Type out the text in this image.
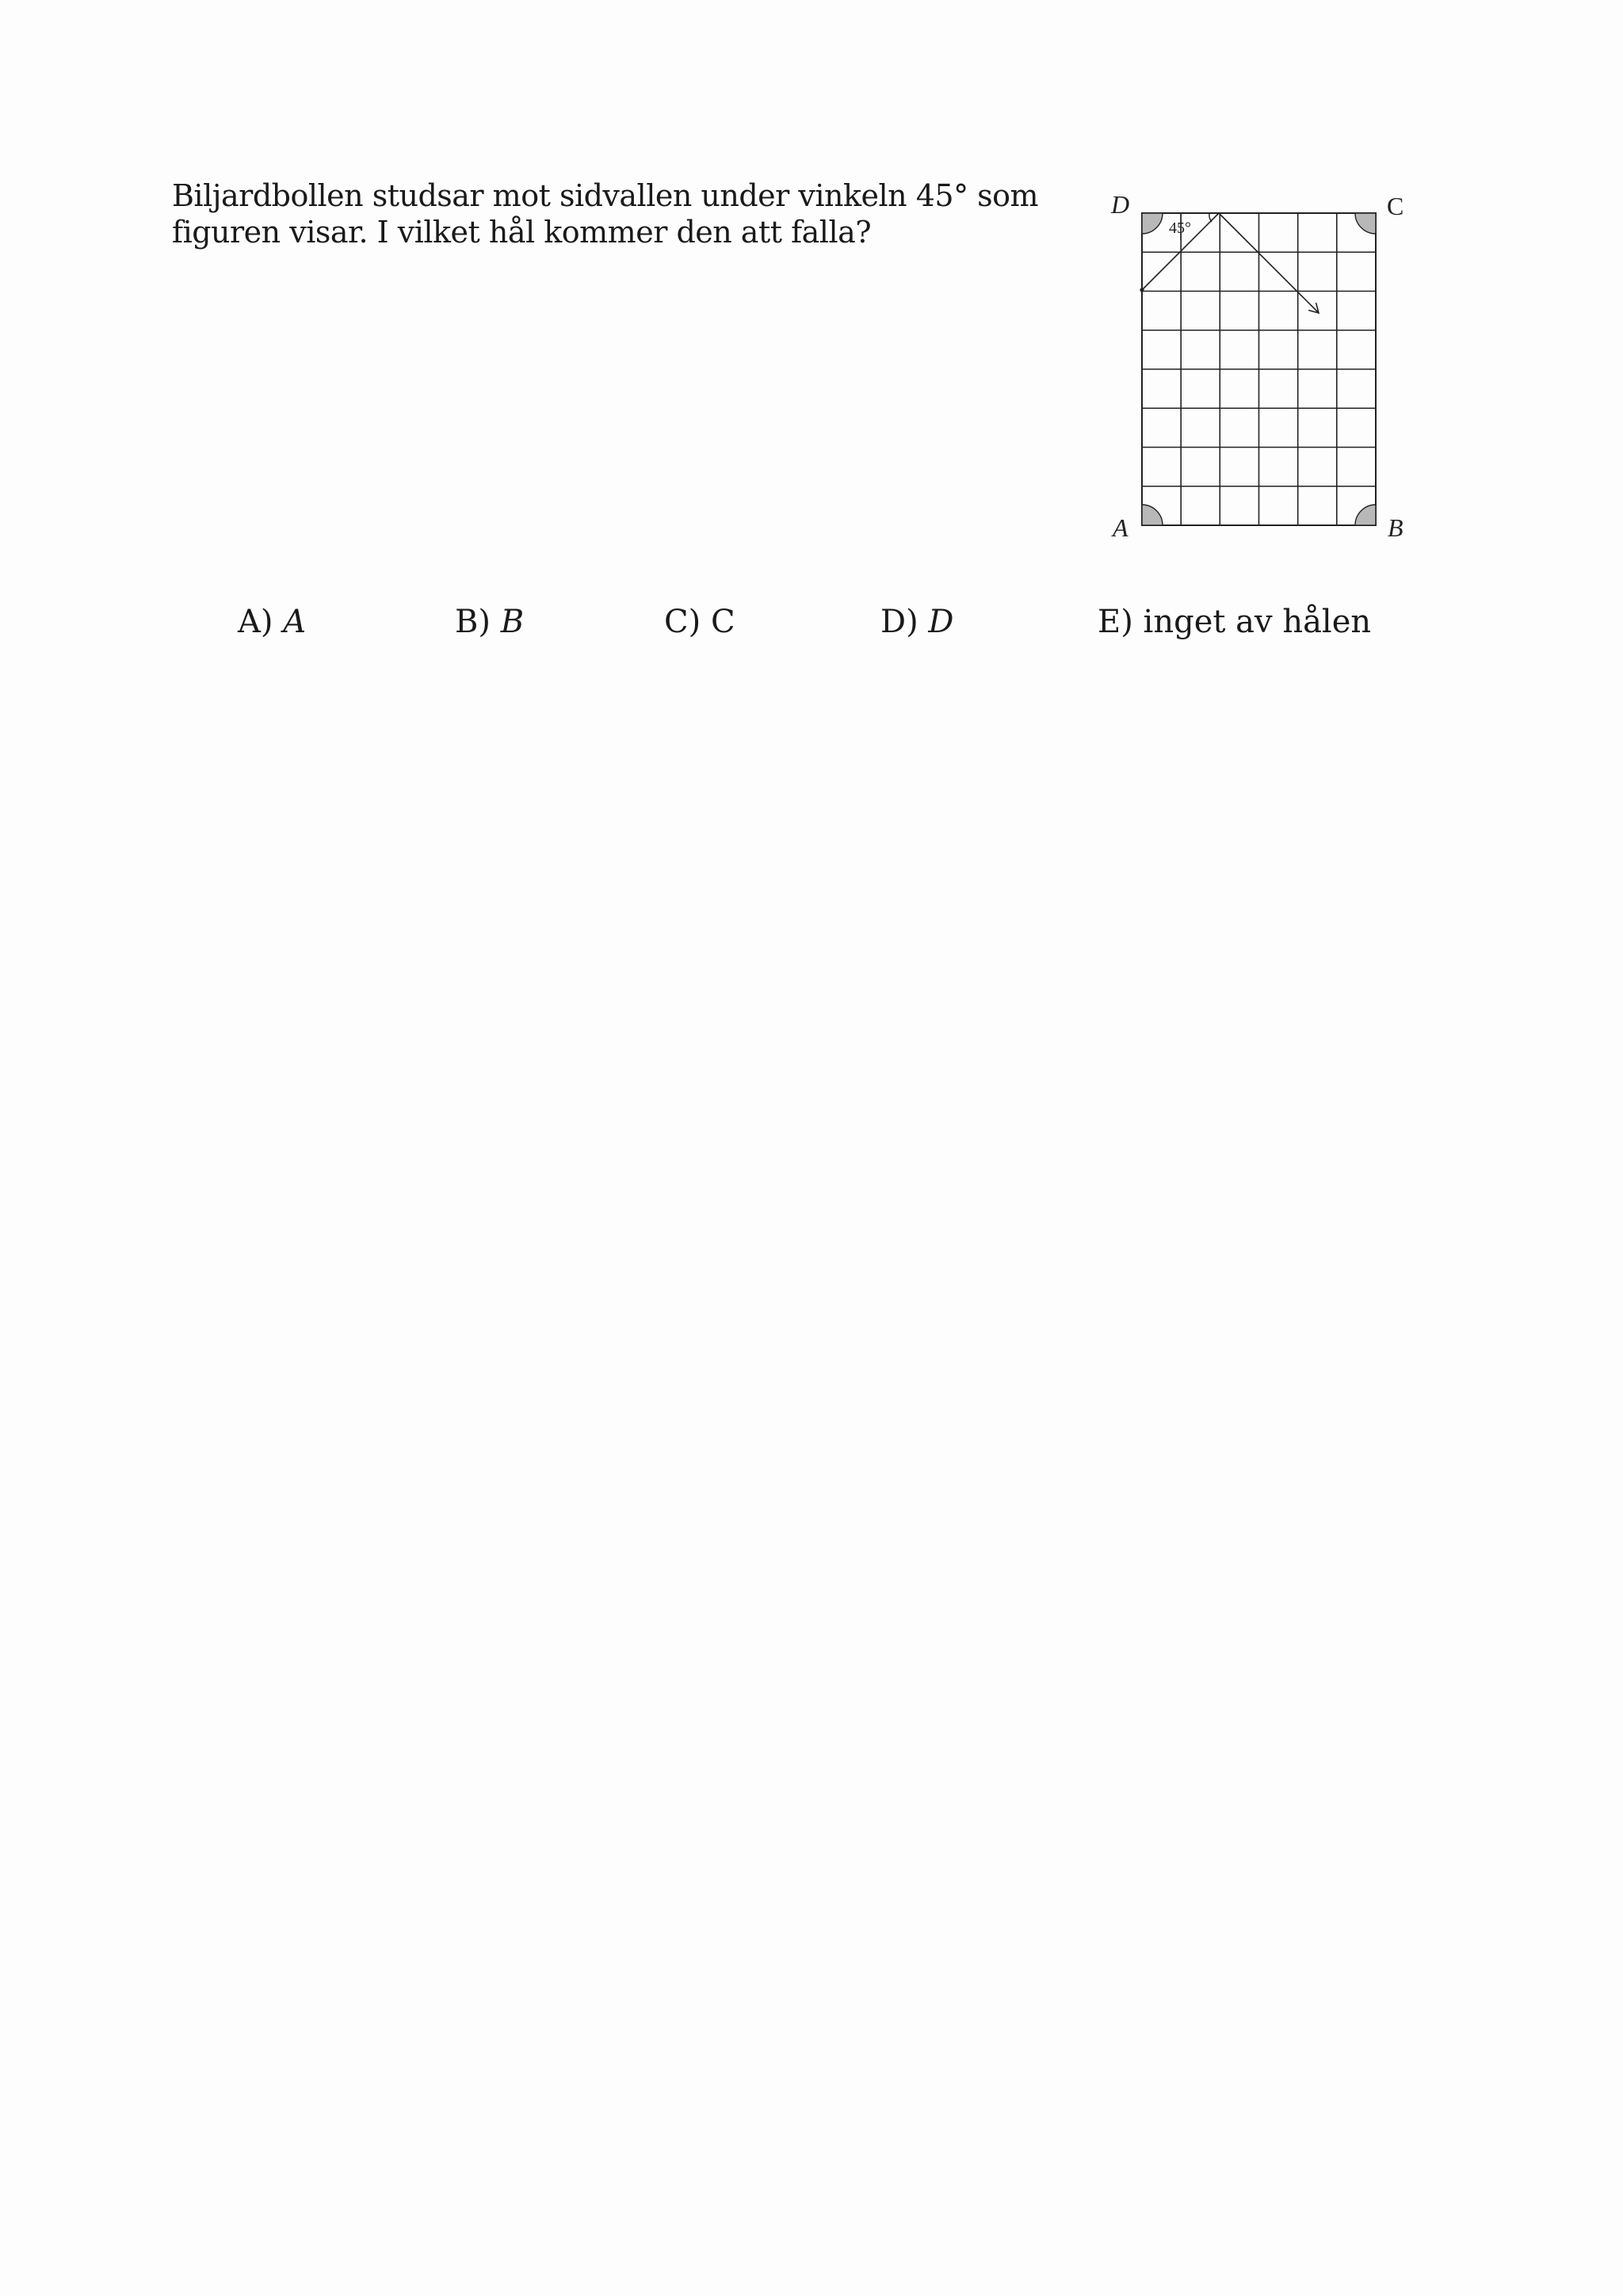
Biljardbollen studsar mot sidvallen under vinkeln 45° som figuren visar. I vilket hål kommer den att falla?	45°
D	C
A	B
A) A	B) B	C) C	D) D	E) inget av hålen
